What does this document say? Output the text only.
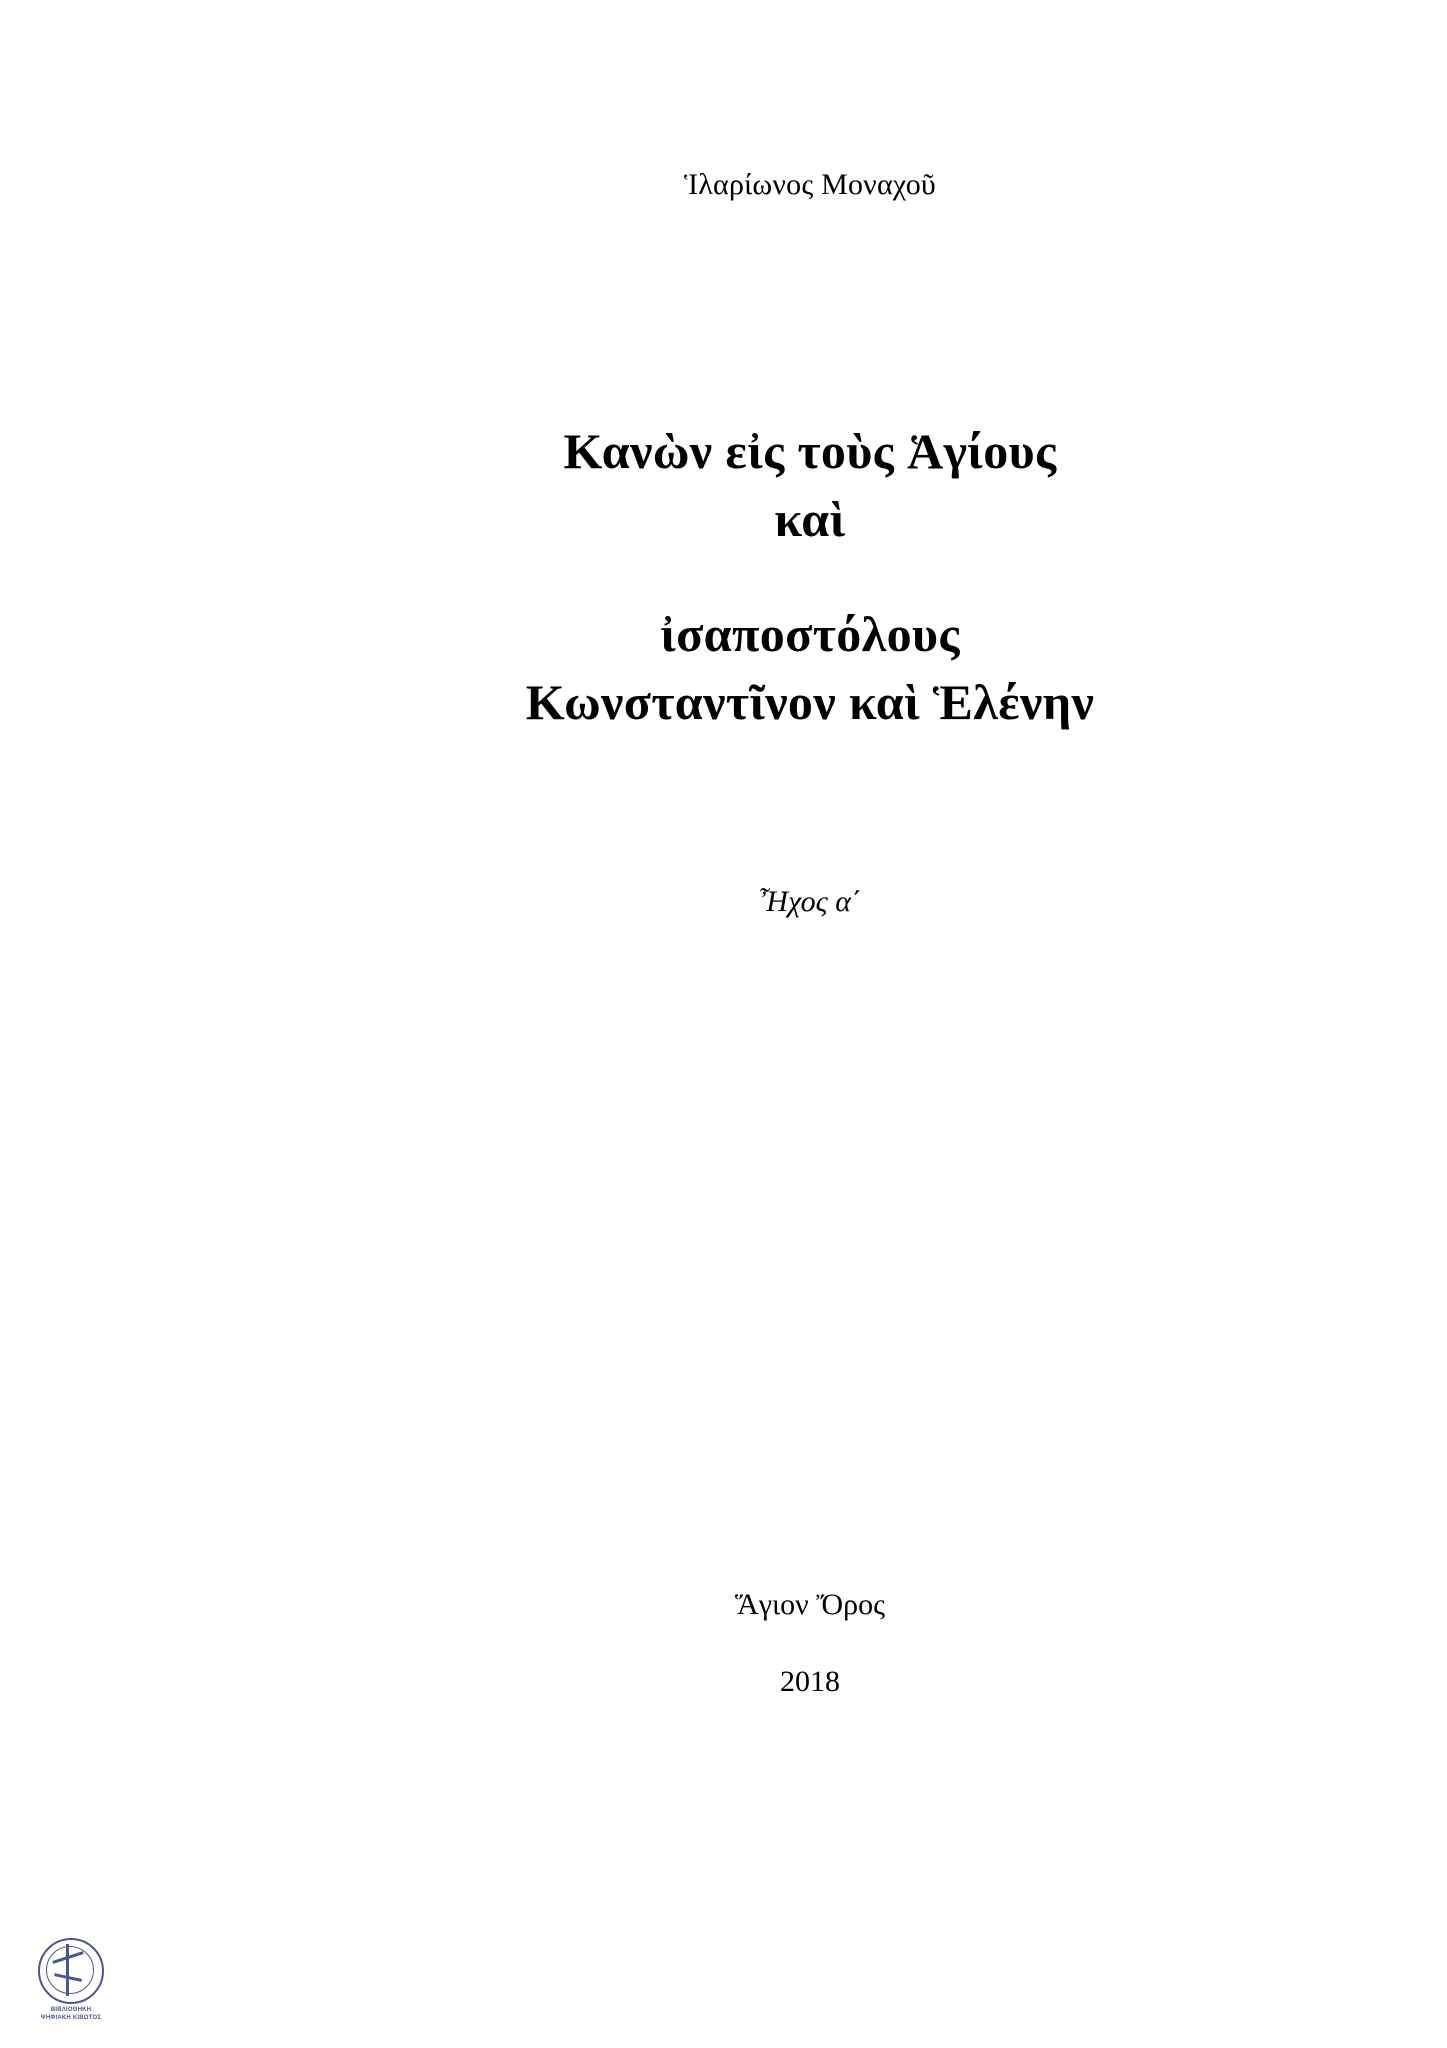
Ἱλαρίωνος Μοναχοῦ
Κανὼν εἰς τοὺς Ἁγίους
καὶ
ἰσαποστόλους
Κωνσταντῖνον καὶ Ἑλένην
Ἦχος α΄
Ἅγιον Ὄρος
2018
ΒΙΒΛΙΟΘΗΚΗ
ΨΗΦΙΑΚΗ ΚΙΒΩΤΟΣ
